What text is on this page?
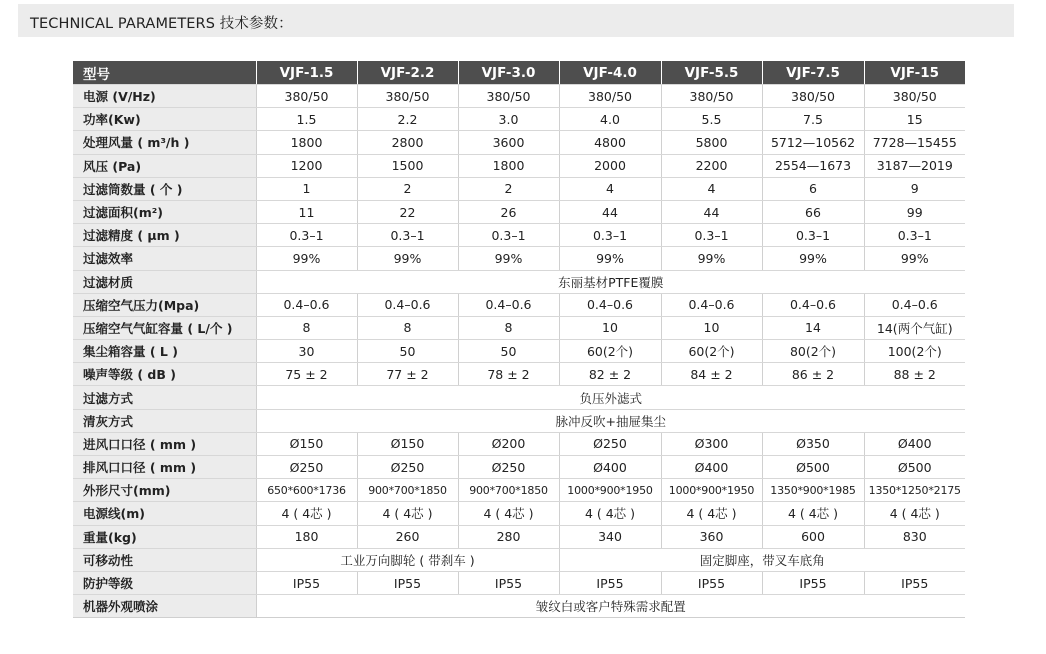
TECHNICAL PARAMETERS 技术参数：
型号	VJF-1.5	VJF-2.2	VJF-3.0	VJF-4.0	VJF-5.5	VJF-7.5	VJF-15
电源 (V/Hz)	380/50	380/50	380/50	380/50	380/50	380/50	380/50
功率(Kw)	1.5	2.2	3.0	4.0	5.5	7.5	15
处理风量 ( m³/h )	1800	2800	3600	4800	5800	5712—10562	7728—15455
风压 (Pa)	1200	1500	1800	2000	2200	2554—1673	3187—2019
过滤筒数量 ( 个 )	1	2	2	4	4	6	9
过滤面积(m²)	11	22	26	44	44	66	99
过滤精度 ( μm )	0.3–1	0.3–1	0.3–1	0.3–1	0.3–1	0.3–1	0.3–1
过滤效率	99%	99%	99%	99%	99%	99%	99%
过滤材质	东丽基材PTFE覆膜						
压缩空气压力(Mpa)	0.4–0.6	0.4–0.6	0.4–0.6	0.4–0.6	0.4–0.6	0.4–0.6	0.4–0.6
压缩空气气缸容量 ( L/个 )	8	8	8	10	10	14	14(两个气缸)
集尘箱容量 ( L )	30	50	50	60(2个)	60(2个)	80(2个)	100(2个)
噪声等级 ( dB )	75 ± 2	77 ± 2	78 ± 2	82 ± 2	84 ± 2	86 ± 2	88 ± 2
过滤方式	负压外滤式						
清灰方式	脉冲反吹+抽屉集尘						
进风口口径 ( mm )	Ø150	Ø150	Ø200	Ø250	Ø300	Ø350	Ø400
排风口口径 ( mm )	Ø250	Ø250	Ø250	Ø400	Ø400	Ø500	Ø500
外形尺寸(mm)	650*600*1736	900*700*1850	900*700*1850	1000*900*1950	1000*900*1950	1350*900*1985	1350*1250*2175
电源线(m)	4 ( 4芯 )	4 ( 4芯 )	4 ( 4芯 )	4 ( 4芯 )	4 ( 4芯 )	4 ( 4芯 )	4 ( 4芯 )
重量(kg)	180	260	280	340	360	600	830
可移动性	工业万向脚轮 ( 带刹车 )			固定脚座，带叉车底角			
防护等级	IP55	IP55	IP55	IP55	IP55	IP55	IP55
机器外观喷涂	皱纹白或客户特殊需求配置						
